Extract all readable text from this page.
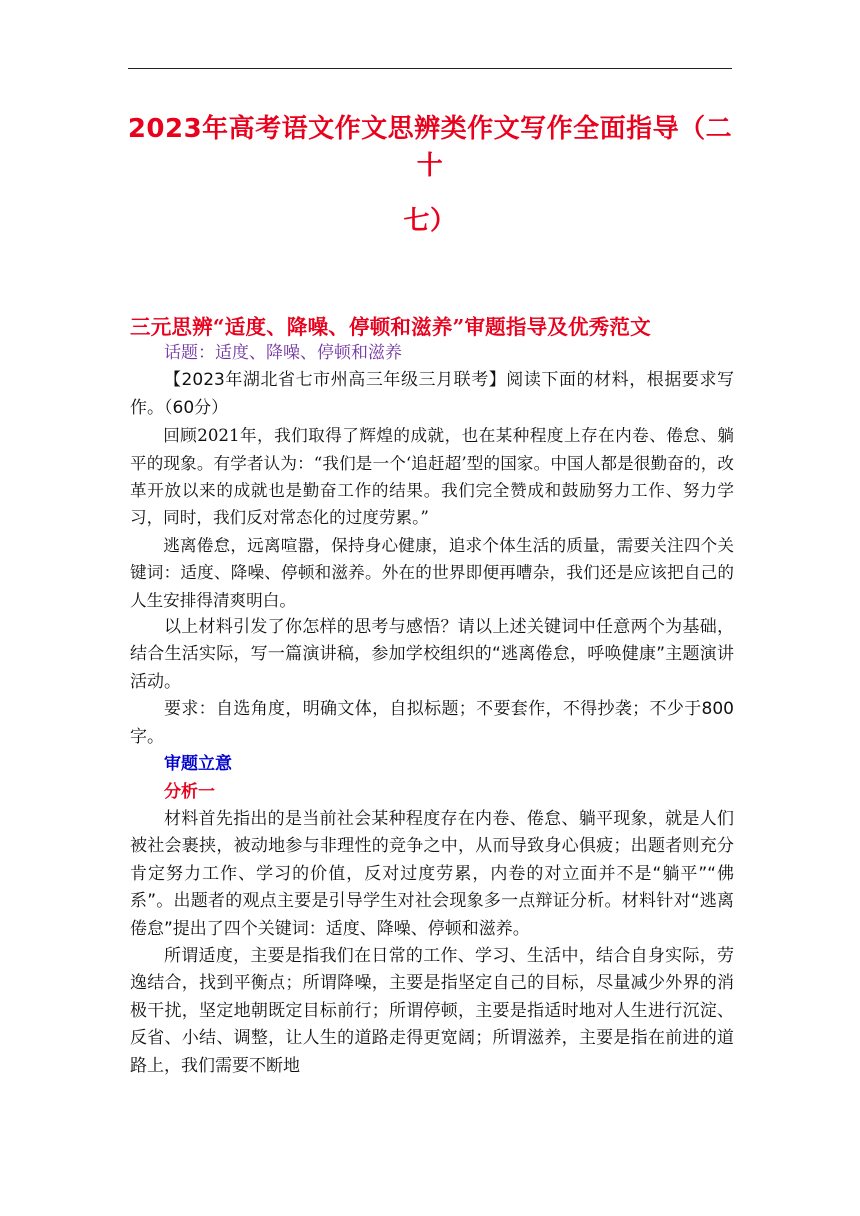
2023年高考语文作文思辨类作文写作全面指导（二十
七）
三元思辨“适度、降噪、停顿和滋养”审题指导及优秀范文

话题：适度、降噪、停顿和滋养

【2023年湖北省七市州高三年级三月联考】阅读下面的材料，根据要求写作。（60分）

回顾2021年，我们取得了辉煌的成就，也在某种程度上存在内卷、倦怠、躺平的现象。有学者认为：“我们是一个‘追赶超’型的国家。中国人都是很勤奋的，改革开放以来的成就也是勤奋工作的结果。我们完全赞成和鼓励努力工作、努力学习，同时，我们反对常态化的过度劳累。”

逃离倦怠，远离喧嚣，保持身心健康，追求个体生活的质量，需要关注四个关键词：适度、降噪、停顿和滋养。外在的世界即便再嘈杂，我们还是应该把自己的人生安排得清爽明白。

以上材料引发了你怎样的思考与感悟？请以上述关键词中任意两个为基础，结合生活实际，写一篇演讲稿，参加学校组织的“逃离倦怠，呼唤健康”主题演讲活动。

要求：自选角度，明确文体，自拟标题；不要套作，不得抄袭；不少于800字。

审题立意

分析一

材料首先指出的是当前社会某种程度存在内卷、倦怠、躺平现象，就是人们被社会裹挟，被动地参与非理性的竞争之中，从而导致身心俱疲；出题者则充分肯定努力工作、学习的价值，反对过度劳累，内卷的对立面并不是“躺平”“佛系”。出题者的观点主要是引导学生对社会现象多一点辩证分析。材料针对“逃离倦怠”提出了四个关键词：适度、降噪、停顿和滋养。

所谓适度，主要是指我们在日常的工作、学习、生活中，结合自身实际，劳逸结合，找到平衡点；所谓降噪，主要是指坚定自己的目标，尽量减少外界的消极干扰，坚定地朝既定目标前行；所谓停顿，主要是指适时地对人生进行沉淀、反省、小结、调整，让人生的道路走得更宽阔；所谓滋养，主要是指在前进的道路上，我们需要不断地
